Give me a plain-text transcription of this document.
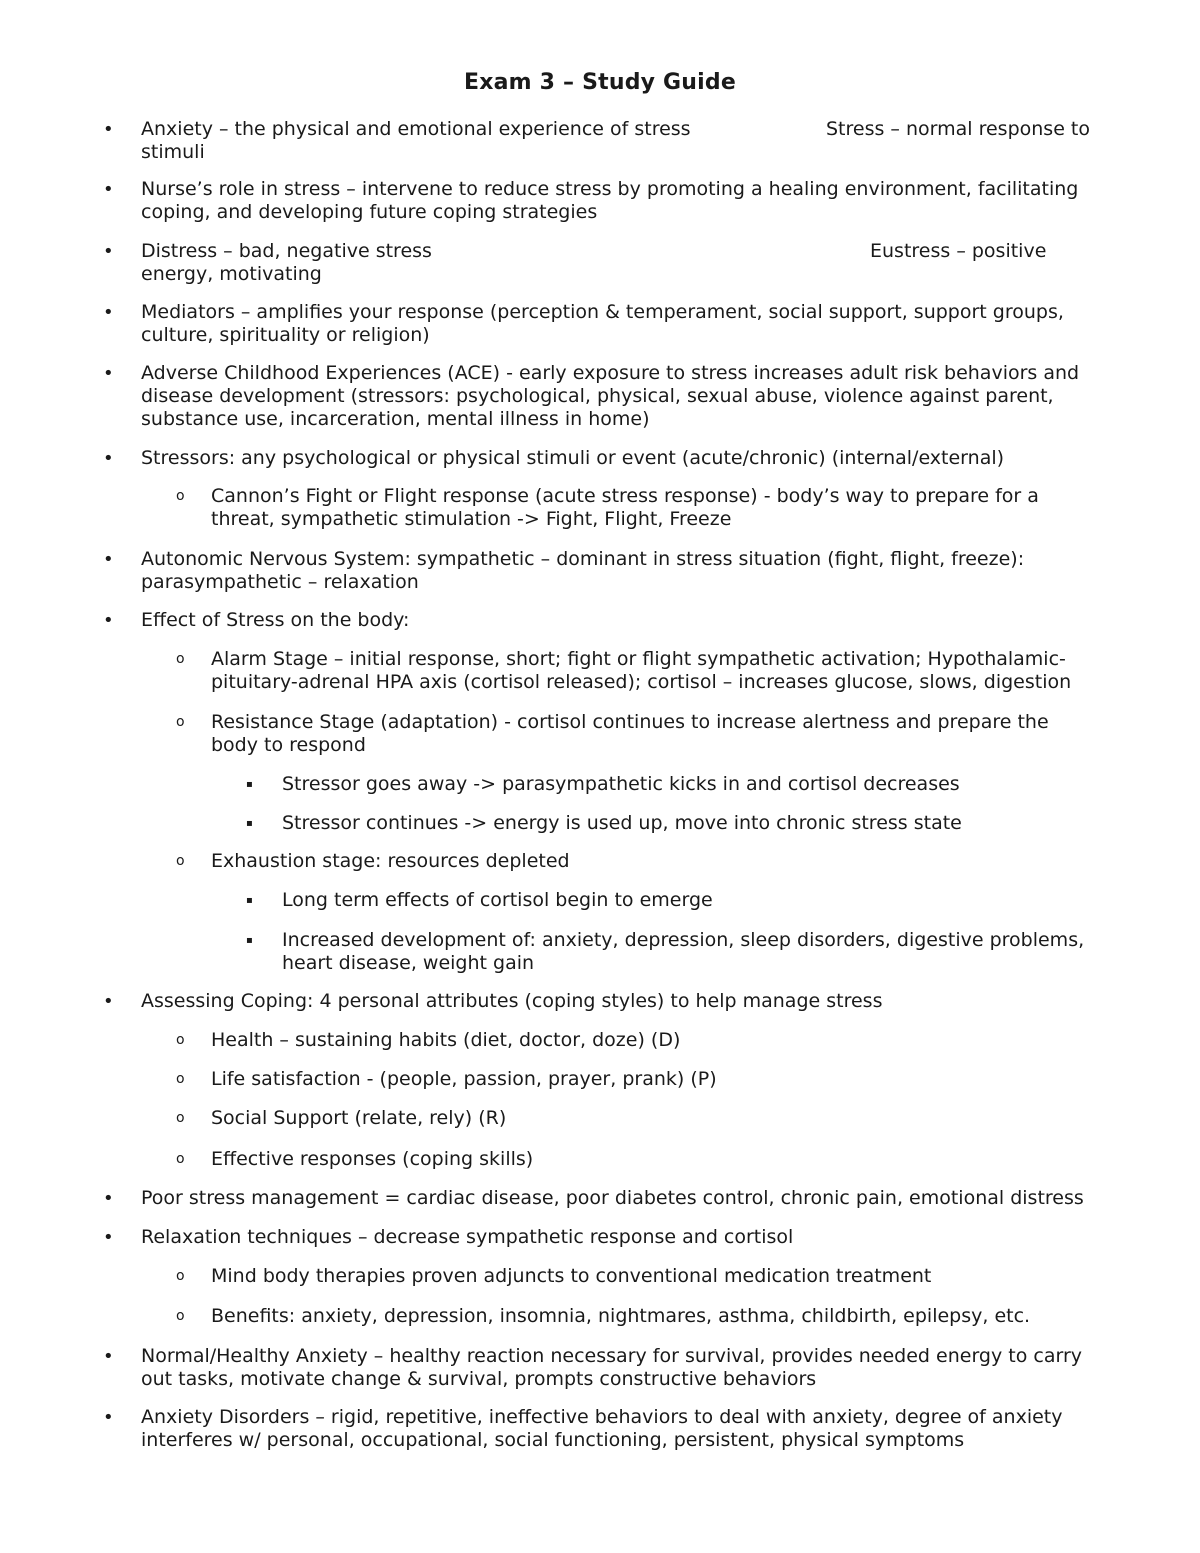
Exam 3 – Study Guide
• Anxiety – the physical and emotional experience of stress
stimuli
Stress – normal response to
• Nurse’s role in stress – intervene to reduce stress by promoting a healing environment, facilitating
coping, and developing future coping strategies
• Distress – bad, negative stress
energy, motivating
Eustress – positive
• Mediators – amplifies your response (perception & temperament, social support, support groups,
culture, spirituality or religion)
• Adverse Childhood Experiences (ACE) - early exposure to stress increases adult risk behaviors and
disease development (stressors: psychological, physical, sexual abuse, violence against parent,
substance use, incarceration, mental illness in home)
• Stressors: any psychological or physical stimuli or event (acute/chronic) (internal/external)
o Cannon’s Fight or Flight response (acute stress response) - body’s way to prepare for a
threat, sympathetic stimulation -> Fight, Flight, Freeze
• Autonomic Nervous System: sympathetic – dominant in stress situation (fight, flight, freeze):
parasympathetic – relaxation
• Effect of Stress on the body:
o Alarm Stage – initial response, short; fight or flight sympathetic activation; Hypothalamic-
pituitary-adrenal HPA axis (cortisol released); cortisol – increases glucose, slows, digestion
o Resistance Stage (adaptation) - cortisol continues to increase alertness and prepare the
body to respond
▪ Stressor goes away -> parasympathetic kicks in and cortisol decreases
▪ Stressor continues -> energy is used up, move into chronic stress state
o Exhaustion stage: resources depleted
▪ Long term effects of cortisol begin to emerge
▪ Increased development of: anxiety, depression, sleep disorders, digestive problems,
heart disease, weight gain
• Assessing Coping: 4 personal attributes (coping styles) to help manage stress
o Health – sustaining habits (diet, doctor, doze) (D)
o Life satisfaction - (people, passion, prayer, prank) (P)
o Social Support (relate, rely) (R)
o Effective responses (coping skills)
• Poor stress management = cardiac disease, poor diabetes control, chronic pain, emotional distress
• Relaxation techniques – decrease sympathetic response and cortisol
o Mind body therapies proven adjuncts to conventional medication treatment
o Benefits: anxiety, depression, insomnia, nightmares, asthma, childbirth, epilepsy, etc.
• Normal/Healthy Anxiety – healthy reaction necessary for survival, provides needed energy to carry
out tasks, motivate change & survival, prompts constructive behaviors
• Anxiety Disorders – rigid, repetitive, ineffective behaviors to deal with anxiety, degree of anxiety
interferes w/ personal, occupational, social functioning, persistent, physical symptoms
